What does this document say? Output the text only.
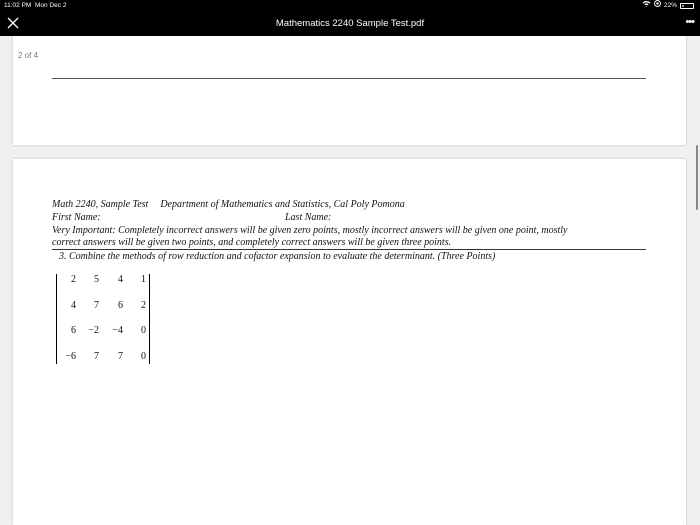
11:02 PM Mon Dec 2	22%
Mathematics 2240 Sample Test.pdf	•••
2 of 4
Math 2240, Sample Test Department of Mathematics and Statistics, Cal Poly Pomona
First Name:	Last Name:
Very Important: Completely incorrect answers will be given zero points, mostly incorrect answers will be given one point, mostly
correct answers will be given two points, and completely correct answers will be given three points.
3. Combine the methods of row reduction and cofactor expansion to evaluate the determinant. (Three Points)
2	5	4	1
4	7	6	2
6	−2	−4	0
−6	7	7	0
